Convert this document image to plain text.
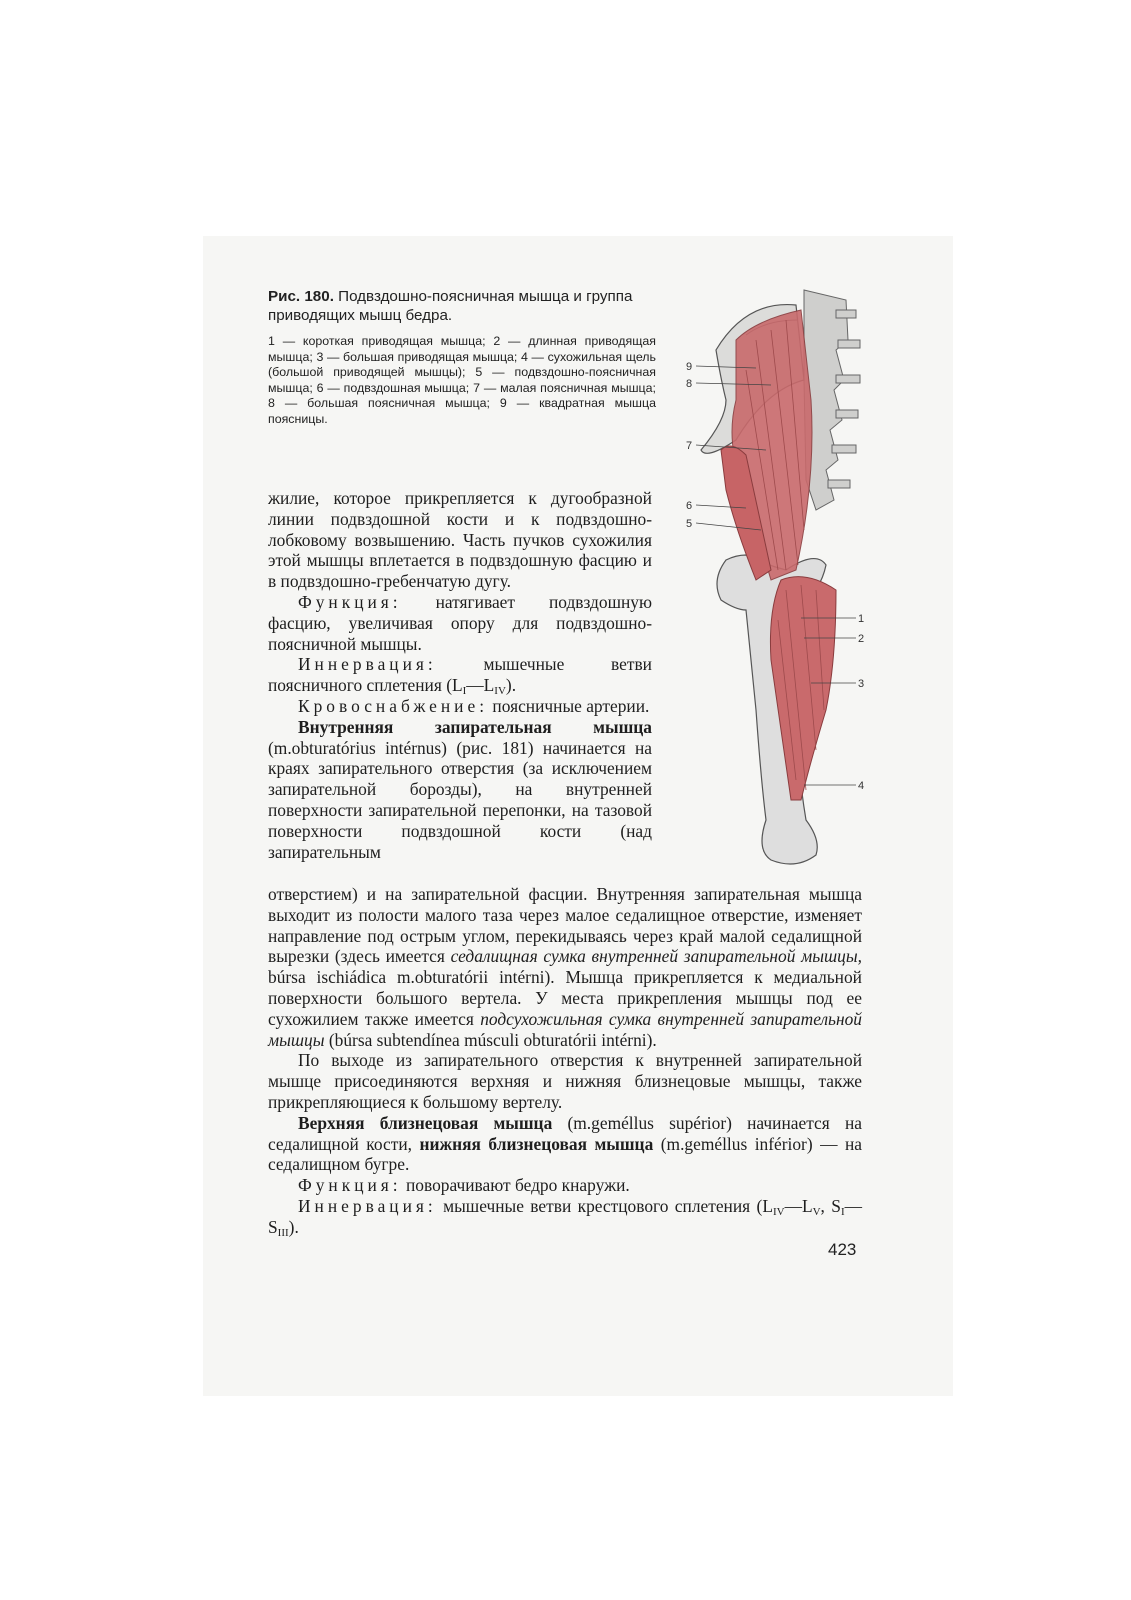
Рис. 180. Подвздошно-поясничная мышца и группа приводящих мышц бедра.

1 — короткая приводящая мышца; 2 — длинная приводящая мышца; 3 — большая приводящая мышца; 4 — сухожильная щель (большой приводящей мышцы); 5 — подвздошно-поясничная мышца; 6 — подвздошная мышца; 7 — малая поясничная мышца; 8 — большая поясничная мышца; 9 — квадратная мышца поясницы.

9
8
7
6
5
1
2
3
4

жилие, которое прикрепляется к дугообразной линии подвздошной кости и к подвздошно-лобковому возвышению. Часть пучков сухожилия этой мышцы вплетается в подвздошную фасцию и в подвздошно-гребенчатую дугу.

Функция: натягивает подвздошную фасцию, увеличивая опору для подвздошно-поясничной мышцы.

Иннервация:	мышечные ветви поясничного сплетения $(L_I—L_{IV})$.

Кровоснабжение: поясничные артерии.

Внутренняя запирательная мышца (m.obturatórius intérnus) (рис. 181) начинается на краях запирательного отверстия (за исключением запирательной борозды), на внутренней поверхности запирательной перепонки, на тазовой поверхности подвздошной кости (над запирательным

отверстием) и на запирательной фасции. Внутренняя запирательная мышца выходит из полости малого таза через малое седалищное отверстие, изменяет направление под острым углом, перекидываясь через край малой седалищной вырезки (здесь имеется седалищная сумка внутренней запирательной мышцы, búrsa ischiádica m.obturatórii intérni). Мышца прикрепляется к медиальной поверхности большого вертела. У места прикрепления мышцы под ее сухожилием также имеется подсухожильная сумка внутренней запирательной мышцы (búrsa subtendínea músculi obturatórii intérni).

По выходе из запирательного отверстия к внутренней запирательной мышце присоединяются верхняя и нижняя близнецовые мышцы, также прикрепляющиеся к большому вертелу.

Верхняя близнецовая мышца (m.geméllus supérior) начинается на седалищной кости, нижняя близнецовая мышца (m.geméllus inférior) — на седалищном бугре.

Функция: поворачивают бедро кнаружи.

Иннервация: мышечные ветви крестцового сплетения ($L_{IV}—L_V$, $S_I—S_{III}$).

423
